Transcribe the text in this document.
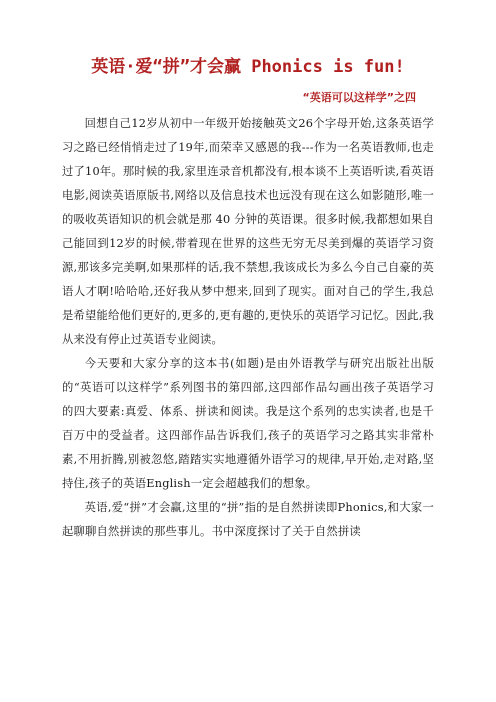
英语·爱“拼”才会赢 Phonics is fun!
“英语可以这样学”之四

回想自己12岁从初中一年级开始接触英文26个字母开始,这条英语学习之路已经悄悄走过了19年,而荣幸又感恩的我---作为一名英语教师,也走过了10年。那时候的我,家里连录音机都没有,根本谈不上英语听读,看英语电影,阅读英语原版书,网络以及信息技术也远没有现在这么如影随形,唯一的吸收英语知识的机会就是那 40 分钟的英语课。很多时候,我都想如果自己能回到12岁的时候,带着现在世界的这些无穷无尽美到爆的英语学习资源,那该多完美啊,如果那样的话,我不禁想,我该成长为多么今自己自豪的英语人才啊!哈哈哈,还好我从梦中想来,回到了现实。面对自己的学生,我总是希望能给他们更好的,更多的,更有趣的,更快乐的英语学习记忆。因此,我从来没有停止过英语专业阅读。

今天要和大家分享的这本书(如题)是由外语教学与研究出版社出版的“英语可以这样学”系列图书的第四部,这四部作品勾画出孩子英语学习的四大要素:真爱、体系、拼读和阅读。我是这个系列的忠实读者,也是千百万中的受益者。这四部作品告诉我们,孩子的英语学习之路其实非常朴素,不用折腾,别被忽悠,踏踏实实地遵循外语学习的规律,早开始,走对路,坚持住,孩子的英语English一定会超越我们的想象。

英语,爱“拼”才会赢,这里的“拼”指的是自然拼读即Phonics,和大家一起聊聊自然拼读的那些事儿。书中深度探讨了关于自然拼读
